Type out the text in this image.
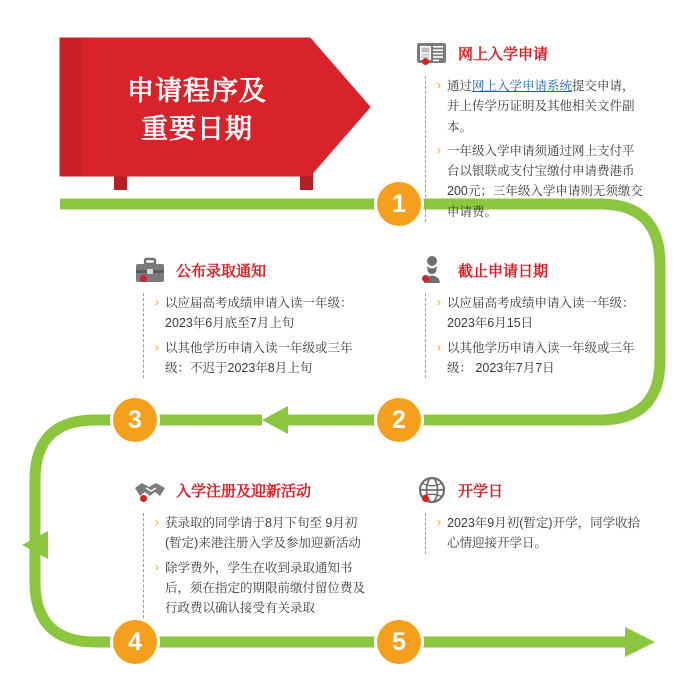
申请程序及
重要日期
网上入学申请
› 通过网上入学申请系统提交申请，并上传学历证明及其他相关文件副本。
› 一年级入学申请须通过网上支付平台以银联或支付宝缴付申请费港币200元；三年级入学申请则无须缴交申请费。
1
截止申请日期
› 以应届高考成绩申请入读一年级：2023年6月15日
› 以其他学历申请入读一年级或三年级： 2023年7月7日
2
公布录取通知
› 以应届高考成绩申请入读一年级：2023年6月底至7月上旬
› 以其他学历申请入读一年级或三年级：不迟于2023年8月上旬
3
入学注册及迎新活动
› 获录取的同学请于8月下旬至 9月初(暂定)来港注册入学及参加迎新活动
› 除学费外，学生在收到录取通知书后，须在指定的期限前缴付留位费及行政费以确认接受有关录取
4
开学日
› 2023年9月初(暂定)开学，同学收拾心情迎接开学日。
5
